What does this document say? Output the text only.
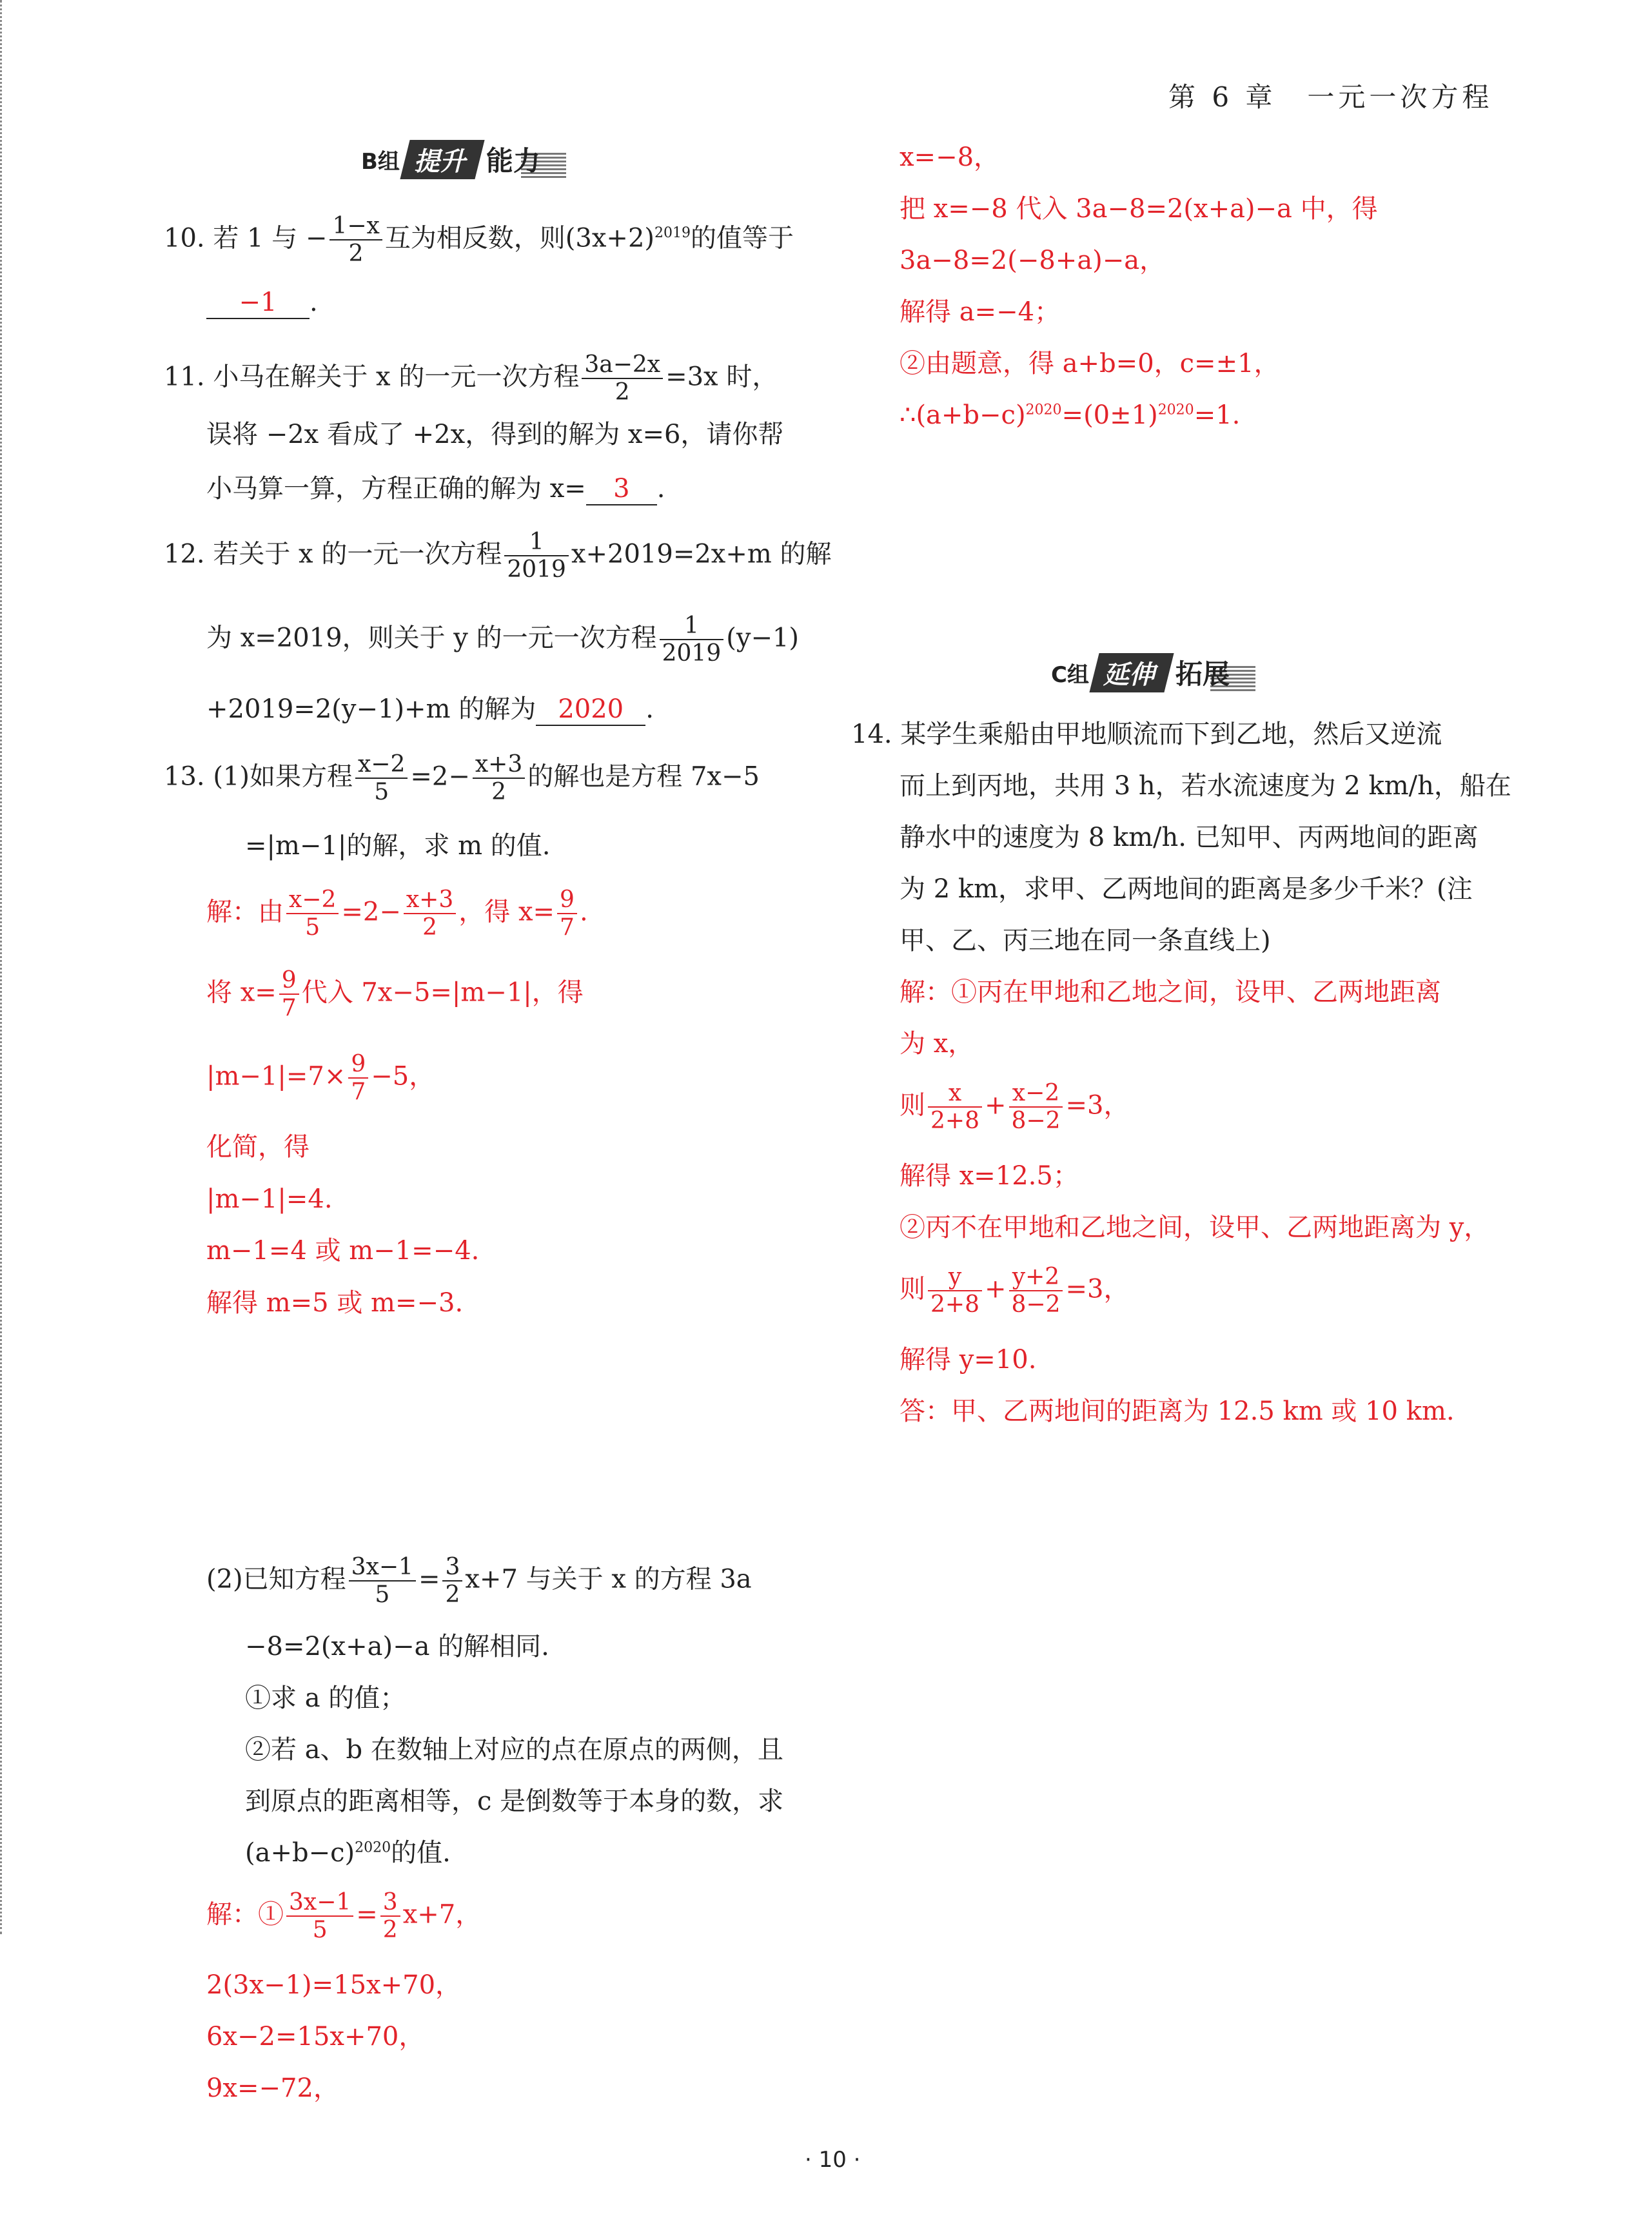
第 6 章　一元一次方程
B组 提升 能力
10. 若 1 与 − $\frac{1-x}{2}$ 互为相反数，则$(3x+2)^{2019}$的值等于
−1 .
11. 小马在解关于 x 的一元一次方程 $\frac{3a-2x}{2} =3x$ 时，
误将 −2x 看成了 +2x，得到的解为 x=6，请你帮
小马算一算，方程正确的解为 x= 3 .
12. 若关于 x 的一元一次方程 $\frac{1}{2019} x+2019=2x+m$ 的解
为 x=2019，则关于 y 的一元一次方程 $\frac{1}{2019} (y-1)$
+2019=2(y−1)+m 的解为 2020 .
13. (1)如果方程 $\frac{x-2}{5} =2- \frac{x+3}{2}$ 的解也是方程 7x−5
=|m−1|的解，求 m 的值.
解：由 $\frac{x-2}{5} =2- \frac{x+3}{2}$ ，得 $x= \frac{9}{7}$ .
将 $x= \frac{9}{7}$ 代入 7x−5=|m−1|，得
$|m-1|=7\times \frac{9}{7} -5$，
化简，得
|m−1|=4.
m−1=4 或 m−1=−4.
解得 m=5 或 m=−3.
(2)已知方程 $\frac{3x-1}{5} = \frac{3}{2} x+7$ 与关于 x 的方程 3a
−8=2(x+a)−a 的解相同.
①求 a 的值；
②若 a、b 在数轴上对应的点在原点的两侧，且
到原点的距离相等，c 是倒数等于本身的数，求
$(a+b-c)^{2020}$的值.
解：① $\frac{3x-1}{5} = \frac{3}{2} x+7$，
2(3x−1)=15x+70，
6x−2=15x+70，
9x=−72，
x=−8，
把 x=−8 代入 3a−8=2(x+a)−a 中，得
3a−8=2(−8+a)−a，
解得 a=−4；
②由题意，得 a+b=0，c=±1，
$\therefore(a+b-c)^{2020}=(0\pm 1)^{2020}=1$.
C组 延伸 拓展
14. 某学生乘船由甲地顺流而下到乙地，然后又逆流
而上到丙地，共用 3 h，若水流速度为 2 km/h，船在
静水中的速度为 8 km/h. 已知甲、丙两地间的距离
为 2 km，求甲、乙两地间的距离是多少千米？(注
甲、乙、丙三地在同一条直线上)
解：①丙在甲地和乙地之间，设甲、乙两地距离
为 x，
则 $\frac{x}{2+8} + \frac{x-2}{8-2} =3$，
解得 x=12.5；
②丙不在甲地和乙地之间，设甲、乙两地距离为 y，
则 $\frac{y}{2+8} + \frac{y+2}{8-2} =3$，
解得 y=10.
答：甲、乙两地间的距离为 12.5 km 或 10 km.
· 10 ·
